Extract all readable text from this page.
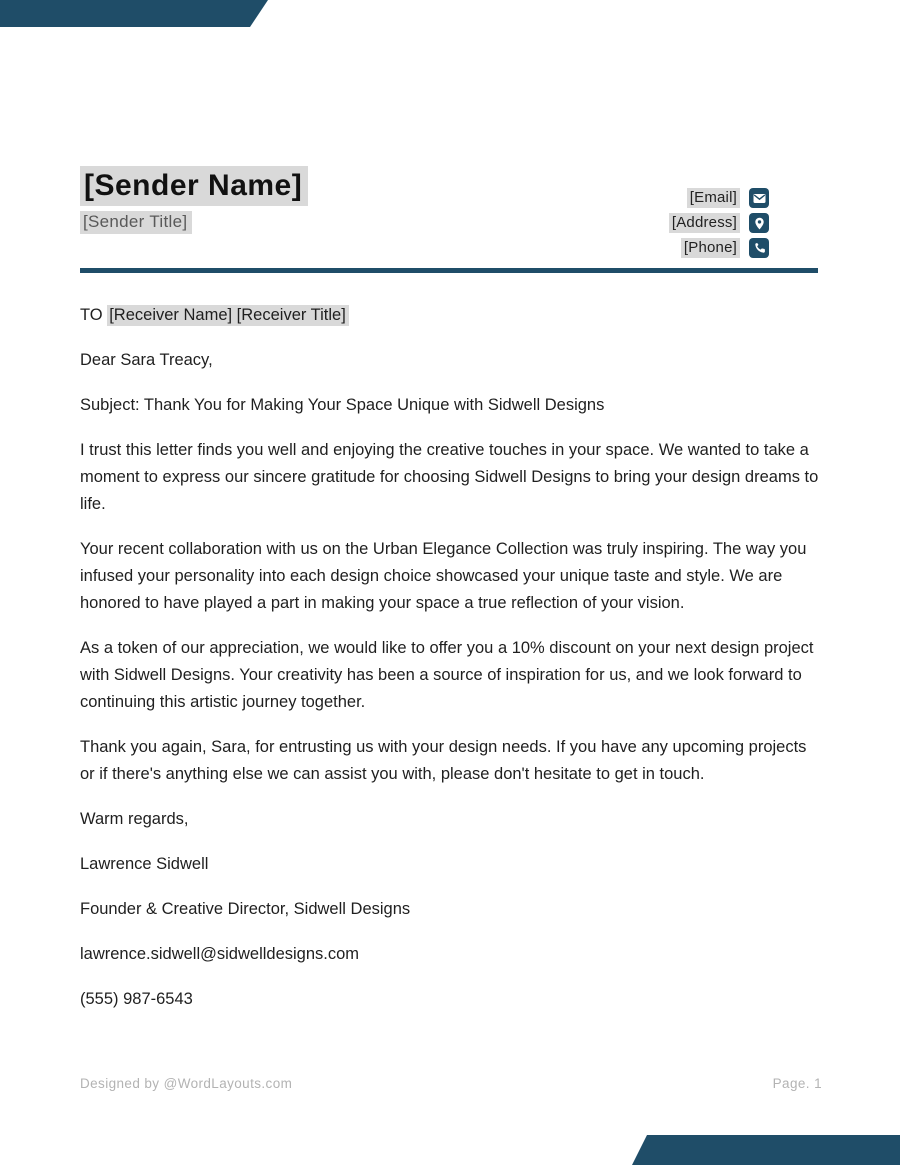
[Sender Name]
[Sender Title]
[Email]
[Address]
[Phone]

TO [Receiver Name] [Receiver Title]

Dear Sara Treacy,

Subject: Thank You for Making Your Space Unique with Sidwell Designs

I trust this letter finds you well and enjoying the creative touches in your space. We wanted to take a moment to express our sincere gratitude for choosing Sidwell Designs to bring your design dreams to life.

Your recent collaboration with us on the Urban Elegance Collection was truly inspiring. The way you infused your personality into each design choice showcased your unique taste and style. We are honored to have played a part in making your space a true reflection of your vision.

As a token of our appreciation, we would like to offer you a 10% discount on your next design project with Sidwell Designs. Your creativity has been a source of inspiration for us, and we look forward to continuing this artistic journey together.

Thank you again, Sara, for entrusting us with your design needs. If you have any upcoming projects or if there's anything else we can assist you with, please don't hesitate to get in touch.

Warm regards,

Lawrence Sidwell

Founder & Creative Director, Sidwell Designs

lawrence.sidwell@sidwelldesigns.com

(555) 987-6543

Designed by @WordLayouts.com	Page. 1
